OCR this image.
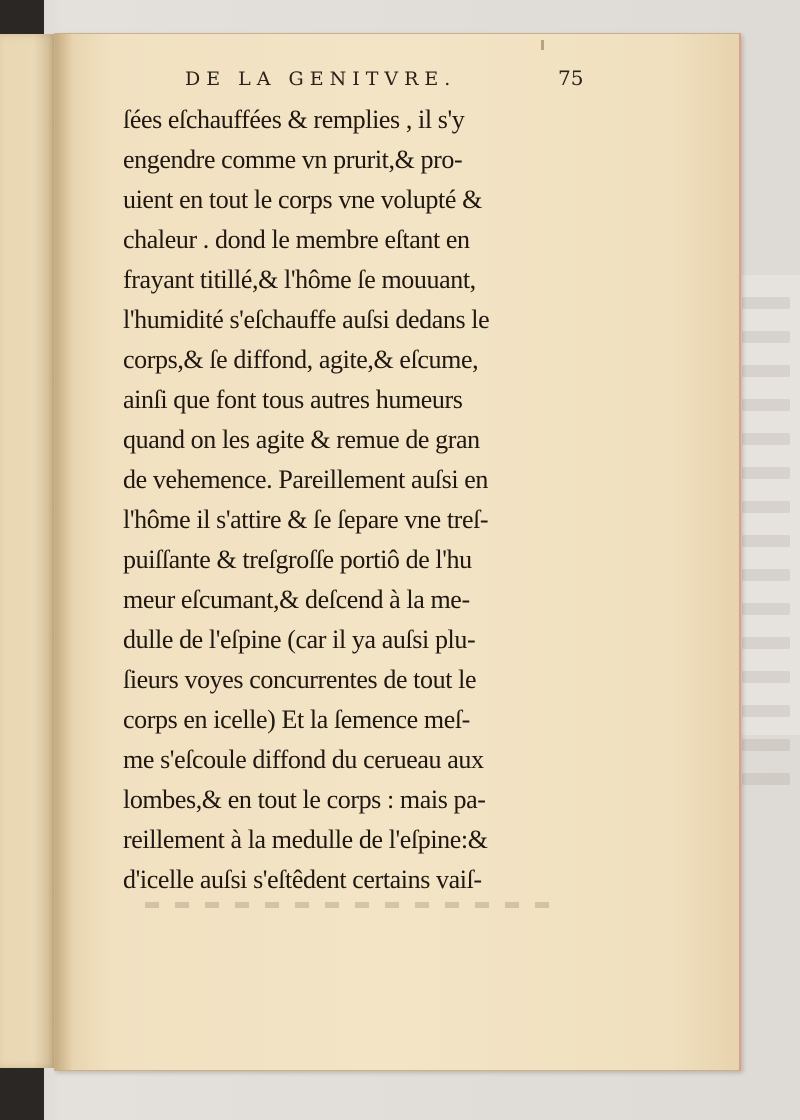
DE LA GENITVRE.	75
ſées eſchauffées & remplies , il s'y
engendre comme vn prurit,& pro-
uient en tout le corps vne volupté &
chaleur . dond le membre eſtant en
frayant titillé,& l'hôme ſe mouuant,
l'humidité s'eſchauffe auſsi dedans le
corps,& ſe diffond, agite,& eſcume,
ainſi que font tous autres humeurs
quand on les agite & remue de gran
de vehemence. Pareillement auſsi en
l'hôme il s'attire & ſe ſepare vne treſ-
puiſſante & treſgroſſe portiô de l'hu
meur eſcumant,& deſcend à la me-
dulle de l'eſpine (car il ya auſsi plu-
ſieurs voyes concurrentes de tout le
corps en icelle) Et la ſemence meſ-
me s'eſcoule diffond du cerueau aux
lombes,& en tout le corps : mais pa-
reillement à la medulle de l'eſpine:&
d'icelle auſsi s'eſtêdent certains vaiſ-
